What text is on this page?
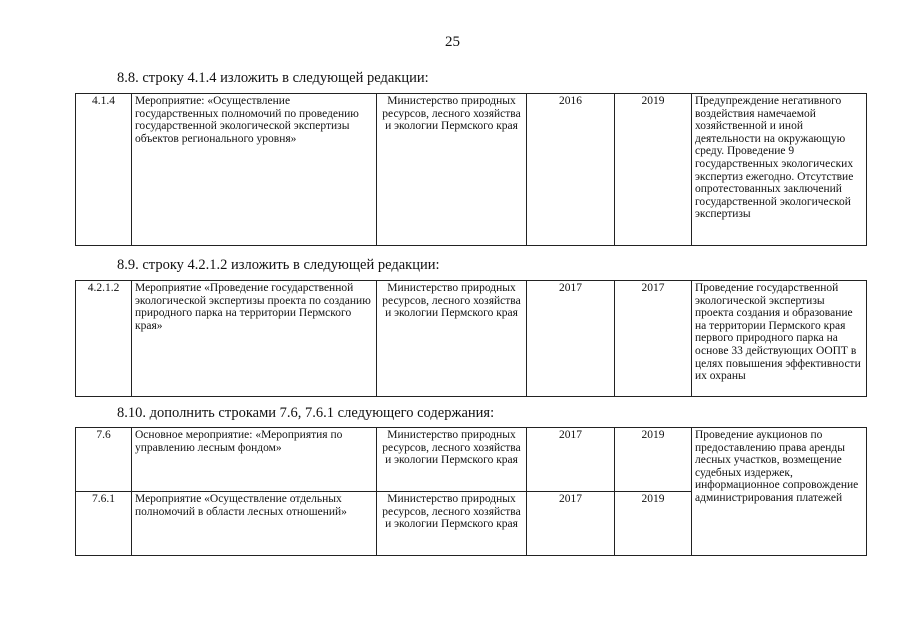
25
8.8. строку 4.1.4 изложить в следующей редакции:
4.1.4	Мероприятие: «Осуществление государственных полномочий по проведению государственной экологической экспертизы объектов регионального уровня»	Министерство природных ресурсов, лесного хозяйства и экологии Пермского края	2016	2019	Предупреждение негативного воздействия намечаемой хозяйственной и иной деятельности на окружающую среду. Проведение 9 государственных экологических экспертиз ежегодно. Отсутствие опротестованных заключений государственной экологической экспертизы
8.9. строку 4.2.1.2 изложить в следующей редакции:
4.2.1.2	Мероприятие «Проведение государственной экологической экспертизы проекта по созданию природного парка на территории Пермского края»	Министерство природных ресурсов, лесного хозяйства и экологии Пермского края	2017	2017	Проведение государственной экологической экспертизы проекта создания и образование на территории Пермского края первого природного парка на основе 33 действующих ООПТ в целях повышения эффективности их охраны
8.10. дополнить строками 7.6, 7.6.1 следующего содержания:
7.6	Основное мероприятие: «Мероприятия по управлению лесным фондом»	Министерство природных ресурсов, лесного хозяйства и экологии Пермского края	2017	2019	Проведение аукционов по предоставлению права аренды лесных участков, возмещение судебных издержек, информационное сопровождение администрирования платежей
7.6.1	Мероприятие «Осуществление отдельных полномочий в области лесных отношений»	Министерство природных ресурсов, лесного хозяйства и экологии Пермского края	2017	2019	
